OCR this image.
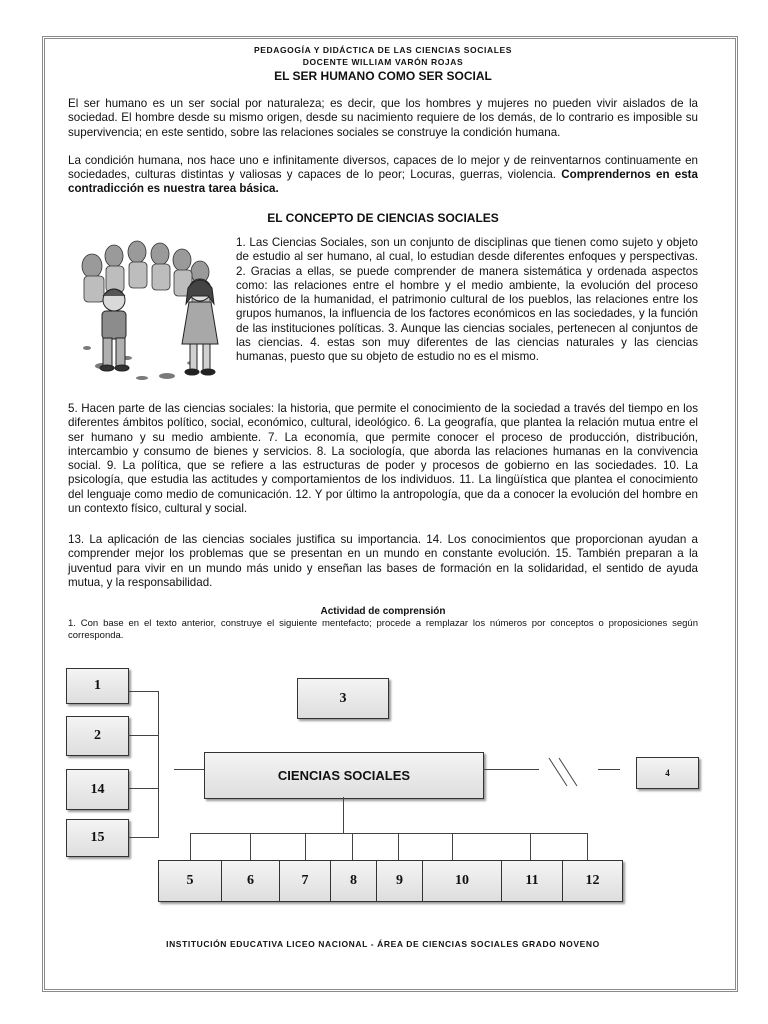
PEDAGOGÍA Y DIDÁCTICA DE LAS CIENCIAS SOCIALES
DOCENTE WILLIAM VARÓN ROJAS
EL SER HUMANO COMO SER SOCIAL

El ser humano es un ser social por naturaleza; es decir, que los hombres y mujeres no pueden vivir aislados de la sociedad. El hombre desde su mismo origen, desde su nacimiento requiere de los demás, de lo contrario es imposible su supervivencia; en este sentido, sobre las relaciones sociales se construye la condición humana.

La condición humana, nos hace uno e infinitamente diversos, capaces de lo mejor y de reinventarnos continuamente en sociedades, culturas distintas y valiosas y capaces de lo peor; Locuras, guerras, violencia. Comprendernos en esta contradicción es nuestra tarea básica.

EL CONCEPTO DE CIENCIAS SOCIALES

1. Las Ciencias Sociales, son un conjunto de disciplinas que tienen como sujeto y objeto de estudio al ser humano, al cual, lo estudian desde diferentes enfoques y perspectivas. 2. Gracias a ellas, se puede comprender de manera sistemática y ordenada aspectos como: las relaciones entre el hombre y el medio ambiente, la evolución del proceso histórico de la humanidad, el patrimonio cultural de los pueblos, las relaciones entre los grupos humanos, la influencia de los factores económicos en las sociedades, y la función de las instituciones políticas. 3. Aunque las ciencias sociales, pertenecen al conjuntos de las ciencias. 4. estas son muy diferentes de las ciencias naturales y las ciencias humanas, puesto que su objeto de estudio no es el mismo.

5. Hacen parte de las ciencias sociales: la historia, que permite el conocimiento de la sociedad a través del tiempo en los diferentes ámbitos político, social, económico, cultural, ideológico. 6. La geografía, que plantea la relación mutua entre el ser humano y su medio ambiente. 7. La economía, que permite conocer el proceso de producción, distribución, intercambio y consumo de bienes y servicios. 8. La sociología, que aborda las relaciones humanas en la convivencia social. 9. La política, que se refiere a las estructuras de poder y procesos de gobierno en las sociedades. 10. La psicología, que estudia las actitudes y comportamientos de los individuos. 11. La lingüística que plantea el conocimiento del lenguaje como medio de comunicación. 12. Y por último la antropología, que da a conocer la evolución del hombre en un contexto físico, cultural y social.

13. La aplicación de las ciencias sociales justifica su importancia. 14. Los conocimientos que proporcionan ayudan a comprender mejor los problemas que se presentan en un mundo en constante evolución. 15. También preparan a la juventud para vivir en un mundo más unido y enseñan las bases de formación en la solidaridad, el sentido de ayuda mutua, y la responsabilidad.

Actividad de comprensión
1. Con base en el texto anterior, construye el siguiente mentefacto; procede a remplazar los números por conceptos o proposiciones según corresponda.
1
2
14
15
3
CIENCIAS SOCIALES	4
5	6	7	8	9	10	11	12
INSTITUCIÓN EDUCATIVA LICEO NACIONAL - ÁREA DE CIENCIAS SOCIALES GRADO NOVENO
